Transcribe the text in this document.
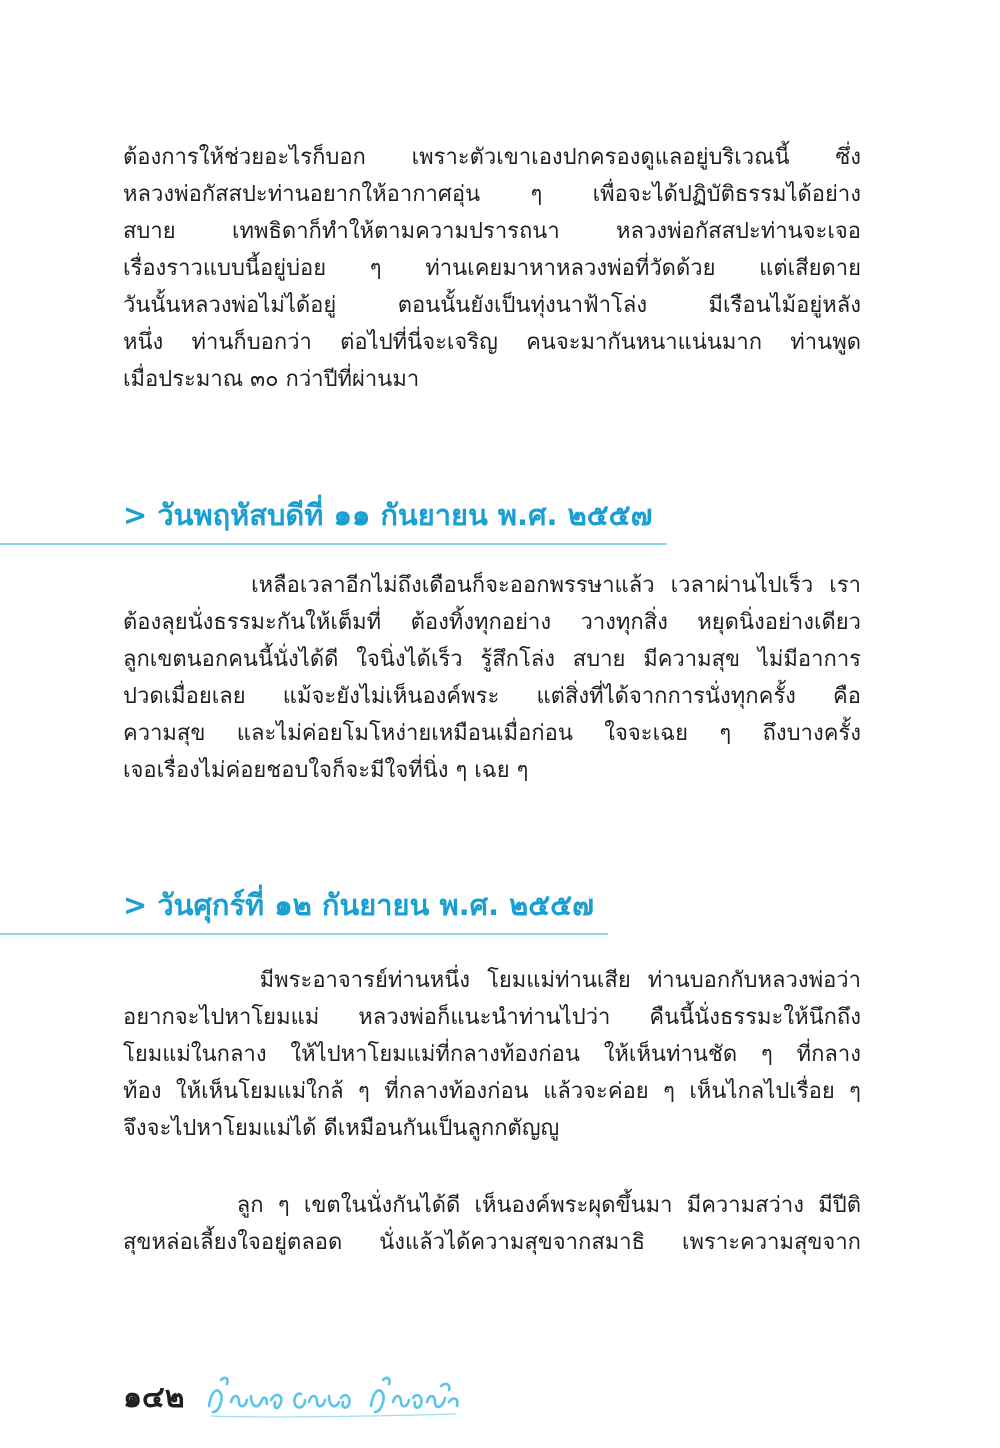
ต้องการให้ช่วยอะไรก็บอก เพราะตัวเขาเองปกครองดูแลอยู่บริเวณนี้ ซึ่ง
หลวงพ่อกัสสปะท่านอยากให้อากาศอุ่น ๆ เพื่อจะได้ปฏิบัติธรรมได้อย่าง
สบาย เทพธิดาก็ทำให้ตามความปรารถนา หลวงพ่อกัสสปะท่านจะเจอ
เรื่องราวแบบนี้อยู่บ่อย ๆ ท่านเคยมาหาหลวงพ่อที่วัดด้วย แต่เสียดาย
วันนั้นหลวงพ่อไม่ได้อยู่ ตอนนั้นยังเป็นทุ่งนาฟ้าโล่ง มีเรือนไม้อยู่หลัง
หนึ่ง ท่านก็บอกว่า ต่อไปที่นี่จะเจริญ คนจะมากันหนาแน่นมาก ท่านพูด
เมื่อประมาณ ๓๐ กว่าปีที่ผ่านมา
> วันพฤหัสบดีที่ ๑๑ กันยายน พ.ศ. ๒๕๕๗
เหลือเวลาอีกไม่ถึงเดือนก็จะออกพรรษาแล้ว เวลาผ่านไปเร็ว เรา
ต้องลุยนั่งธรรมะกันให้เต็มที่ ต้องทิ้งทุกอย่าง วางทุกสิ่ง หยุดนิ่งอย่างเดียว
ลูกเขตนอกคนนี้นั่งได้ดี ใจนิ่งได้เร็ว รู้สึกโล่ง สบาย มีความสุข ไม่มีอาการ
ปวดเมื่อยเลย แม้จะยังไม่เห็นองค์พระ แต่สิ่งที่ได้จากการนั่งทุกครั้ง คือ
ความสุข และไม่ค่อยโมโหง่ายเหมือนเมื่อก่อน ใจจะเฉย ๆ ถึงบางครั้ง
เจอเรื่องไม่ค่อยชอบใจก็จะมีใจที่นิ่ง ๆ เฉย ๆ
> วันศุกร์ที่ ๑๒ กันยายน พ.ศ. ๒๕๕๗
มีพระอาจารย์ท่านหนึ่ง โยมแม่ท่านเสีย ท่านบอกกับหลวงพ่อว่า
อยากจะไปหาโยมแม่ หลวงพ่อก็แนะนำท่านไปว่า คืนนี้นั่งธรรมะให้นึกถึง
โยมแม่ในกลาง ให้ไปหาโยมแม่ที่กลางท้องก่อน ให้เห็นท่านชัด ๆ ที่กลาง
ท้อง ให้เห็นโยมแม่ใกล้ ๆ ที่กลางท้องก่อน แล้วจะค่อย ๆ เห็นไกลไปเรื่อย ๆ
จึงจะไปหาโยมแม่ได้ ดีเหมือนกันเป็นลูกกตัญญู
ลูก ๆ เขตในนั่งกันได้ดี เห็นองค์พระผุดขึ้นมา มีความสว่าง มีปีติ
สุขหล่อเลี้ยงใจอยู่ตลอด นั่งแล้วได้ความสุขจากสมาธิ เพราะความสุขจาก
๑๔๒
